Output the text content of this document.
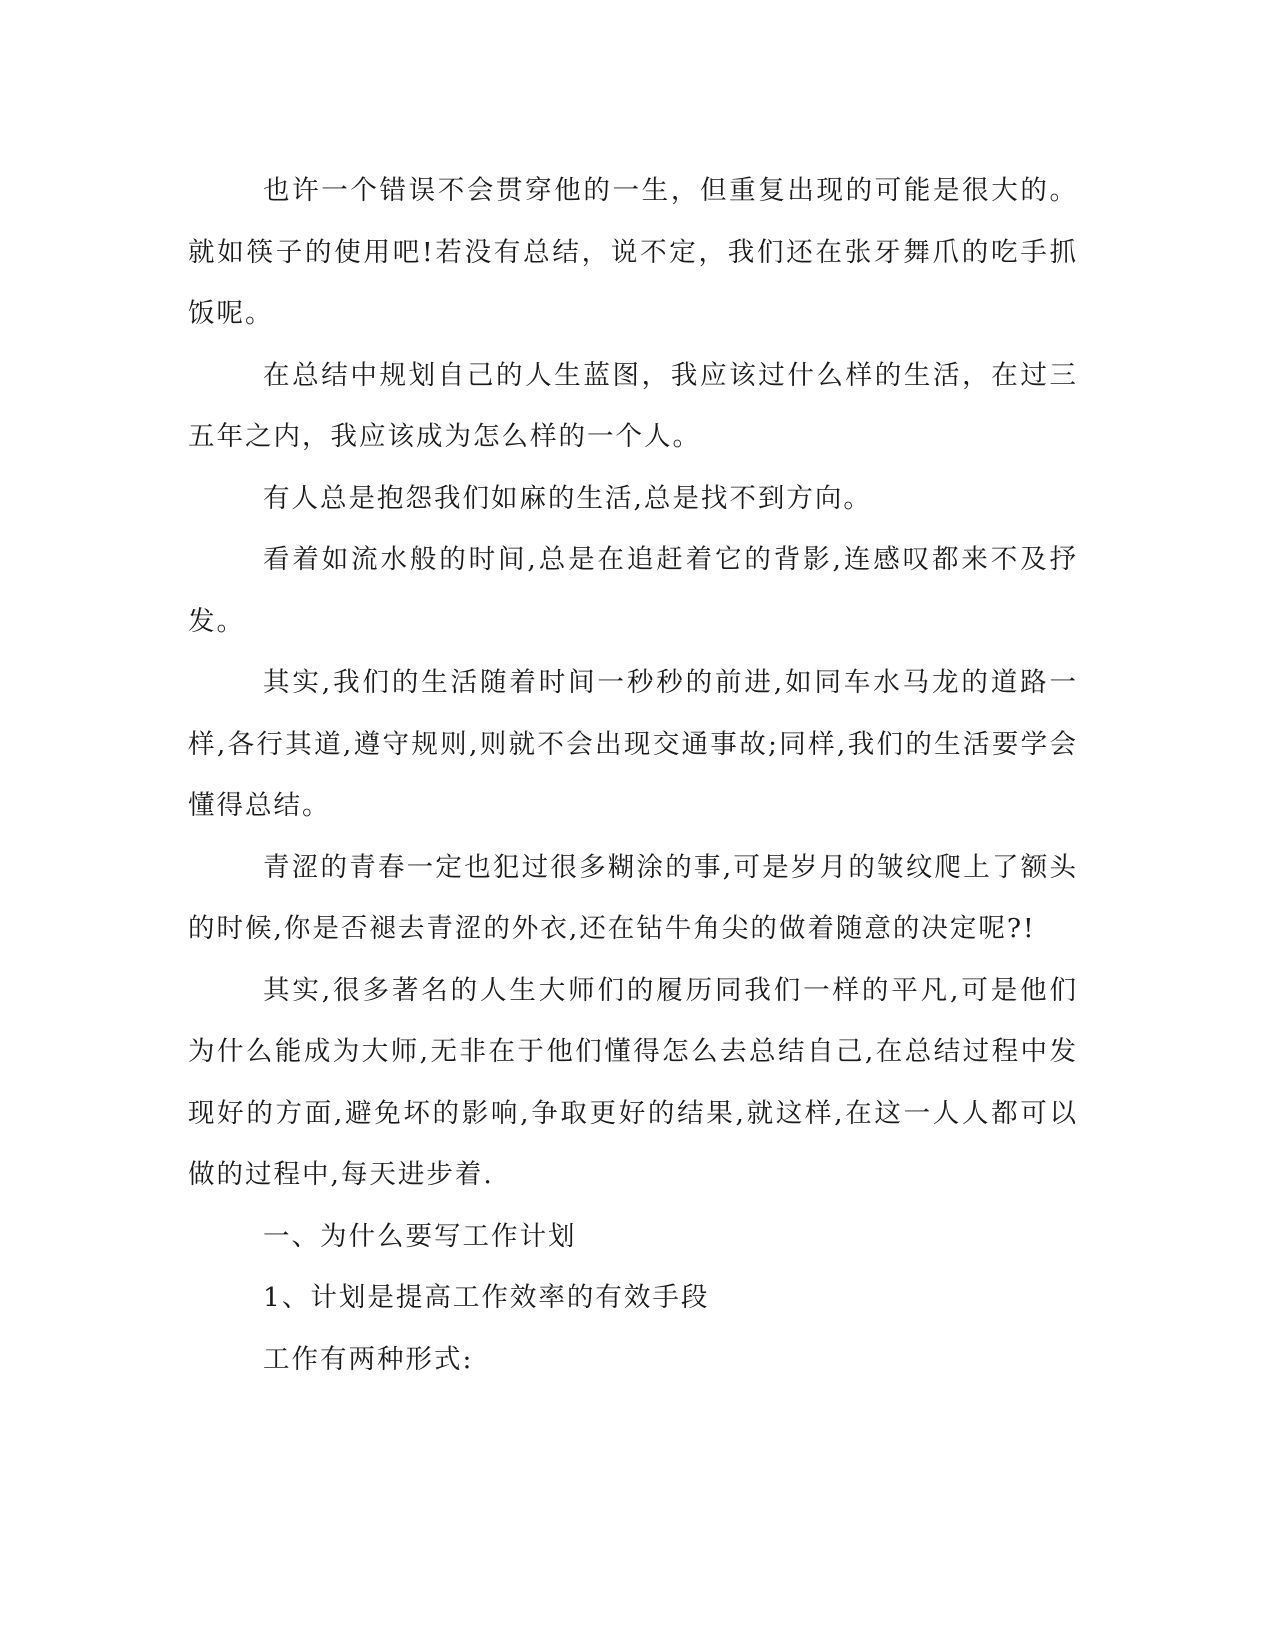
也许一个错误不会贯穿他的一生，但重复出现的可能是很大的。就如筷子的使用吧!若没有总结，说不定，我们还在张牙舞爪的吃手抓饭呢。

在总结中规划自己的人生蓝图，我应该过什么样的生活，在过三五年之内，我应该成为怎么样的一个人。

有人总是抱怨我们如麻的生活,总是找不到方向。

看着如流水般的时间,总是在追赶着它的背影,连感叹都来不及抒发。

其实,我们的生活随着时间一秒秒的前进,如同车水马龙的道路一样,各行其道,遵守规则,则就不会出现交通事故;同样,我们的生活要学会懂得总结。

青涩的青春一定也犯过很多糊涂的事,可是岁月的皱纹爬上了额头的时候,你是否褪去青涩的外衣,还在钻牛角尖的做着随意的决定呢?!

其实,很多著名的人生大师们的履历同我们一样的平凡,可是他们为什么能成为大师,无非在于他们懂得怎么去总结自己,在总结过程中发现好的方面,避免坏的影响,争取更好的结果,就这样,在这一人人都可以做的过程中,每天进步着.

一、为什么要写工作计划

1、计划是提高工作效率的有效手段

工作有两种形式:
